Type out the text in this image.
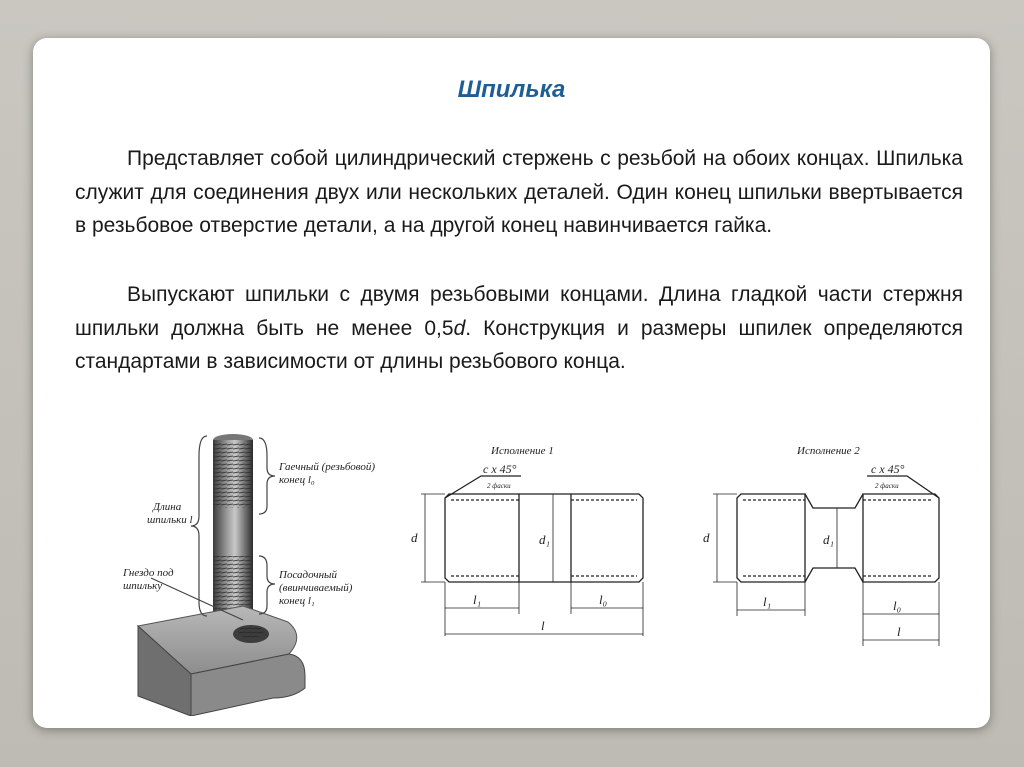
Шпилька

Представляет собой цилиндрический стержень с резьбой на обоих концах. Шпилька служит для соединения двух или нескольких деталей. Один конец шпильки ввертывается в резьбовое отверстие детали, а на другой конец навинчивается гайка.

Выпускают шпильки с двумя резьбовыми концами. Длина гладкой части стержня шпильки должна быть не менее 0,5d. Конструкция и размеры шпилек определяются стандартами в зависимости от длины резьбового конца.

Длина шпильки l
Гаечный (резьбовой) конец l₀
Гнездо под шпильку
Посадочный (ввинчиваемый) конец l₁
Исполнение 1
c x 45°
2 фаски
d	d₁
l₁	l₀
l
Исполнение 2
c x 45°
2 фаски
d	d₁
l₁	l₀
l
